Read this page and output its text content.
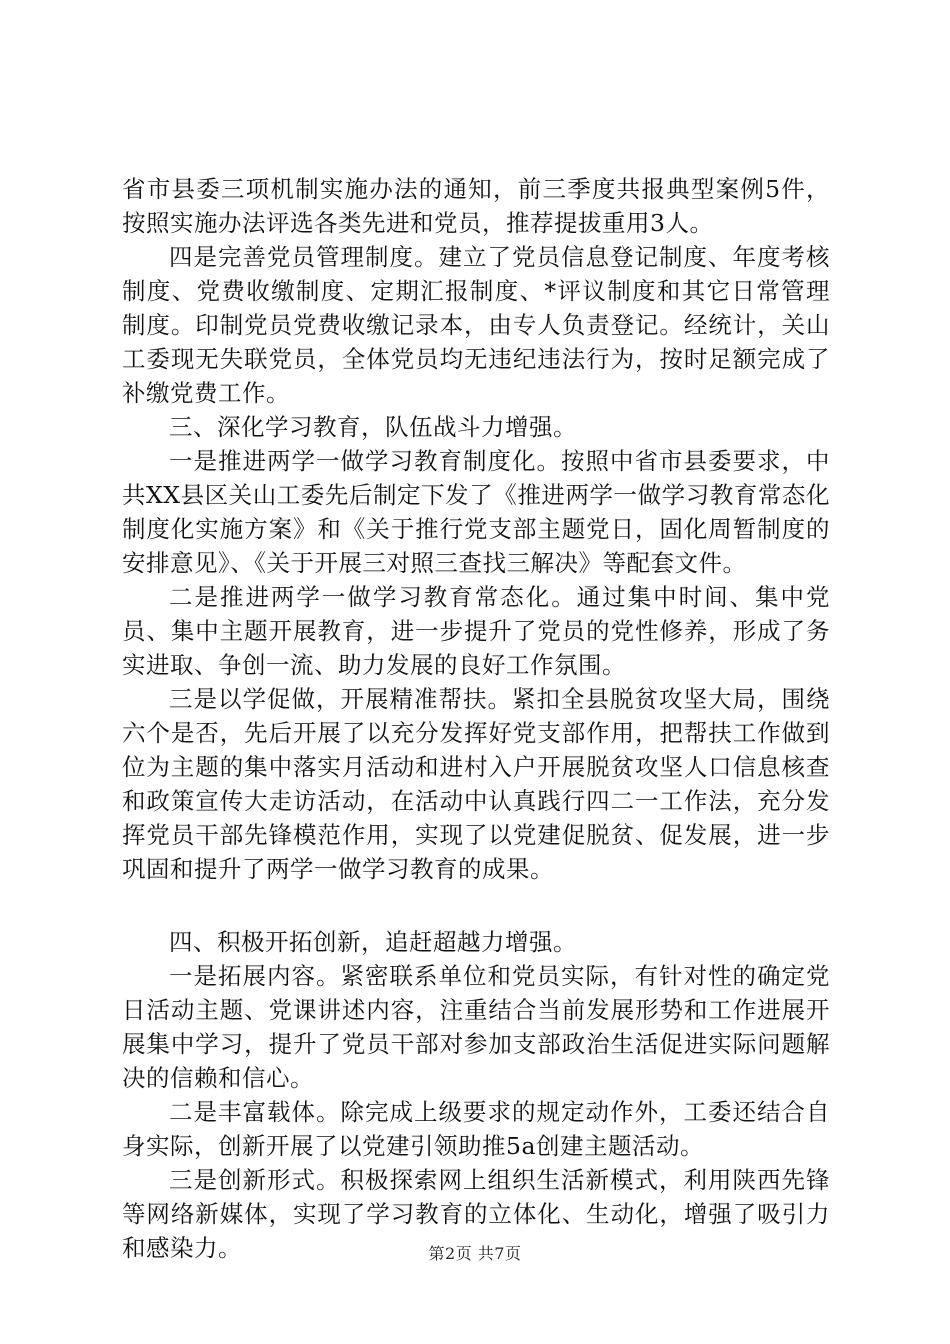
省市县委三项机制实施办法的通知，前三季度共报典型案例5件，按照实施办法评选各类先进和党员，推荐提拔重用3人。

四是完善党员管理制度。建立了党员信息登记制度、年度考核制度、党费收缴制度、定期汇报制度、*评议制度和其它日常管理制度。印制党员党费收缴记录本，由专人负责登记。经统计，关山工委现无失联党员，全体党员均无违纪违法行为，按时足额完成了补缴党费工作。

三、深化学习教育，队伍战斗力增强。

一是推进两学一做学习教育制度化。按照中省市县委要求，中共XX县区关山工委先后制定下发了《推进两学一做学习教育常态化制度化实施方案》和《关于推行党支部主题党日，固化周暂制度的安排意见》、《关于开展三对照三查找三解决》等配套文件。

二是推进两学一做学习教育常态化。通过集中时间、集中党员、集中主题开展教育，进一步提升了党员的党性修养，形成了务实进取、争创一流、助力发展的良好工作氛围。

三是以学促做，开展精准帮扶。紧扣全县脱贫攻坚大局，围绕六个是否，先后开展了以充分发挥好党支部作用，把帮扶工作做到位为主题的集中落实月活动和进村入户开展脱贫攻坚人口信息核查和政策宣传大走访活动，在活动中认真践行四二一工作法，充分发挥党员干部先锋模范作用，实现了以党建促脱贫、促发展，进一步巩固和提升了两学一做学习教育的成果。

四、积极开拓创新，追赶超越力增强。

一是拓展内容。紧密联系单位和党员实际，有针对性的确定党日活动主题、党课讲述内容，注重结合当前发展形势和工作进展开展集中学习，提升了党员干部对参加支部政治生活促进实际问题解决的信赖和信心。

二是丰富载体。除完成上级要求的规定动作外，工委还结合自身实际，创新开展了以党建引领助推5a创建主题活动。

三是创新形式。积极探索网上组织生活新模式，利用陕西先锋等网络新媒体，实现了学习教育的立体化、生动化，增强了吸引力和感染力。	第2页 共7页
